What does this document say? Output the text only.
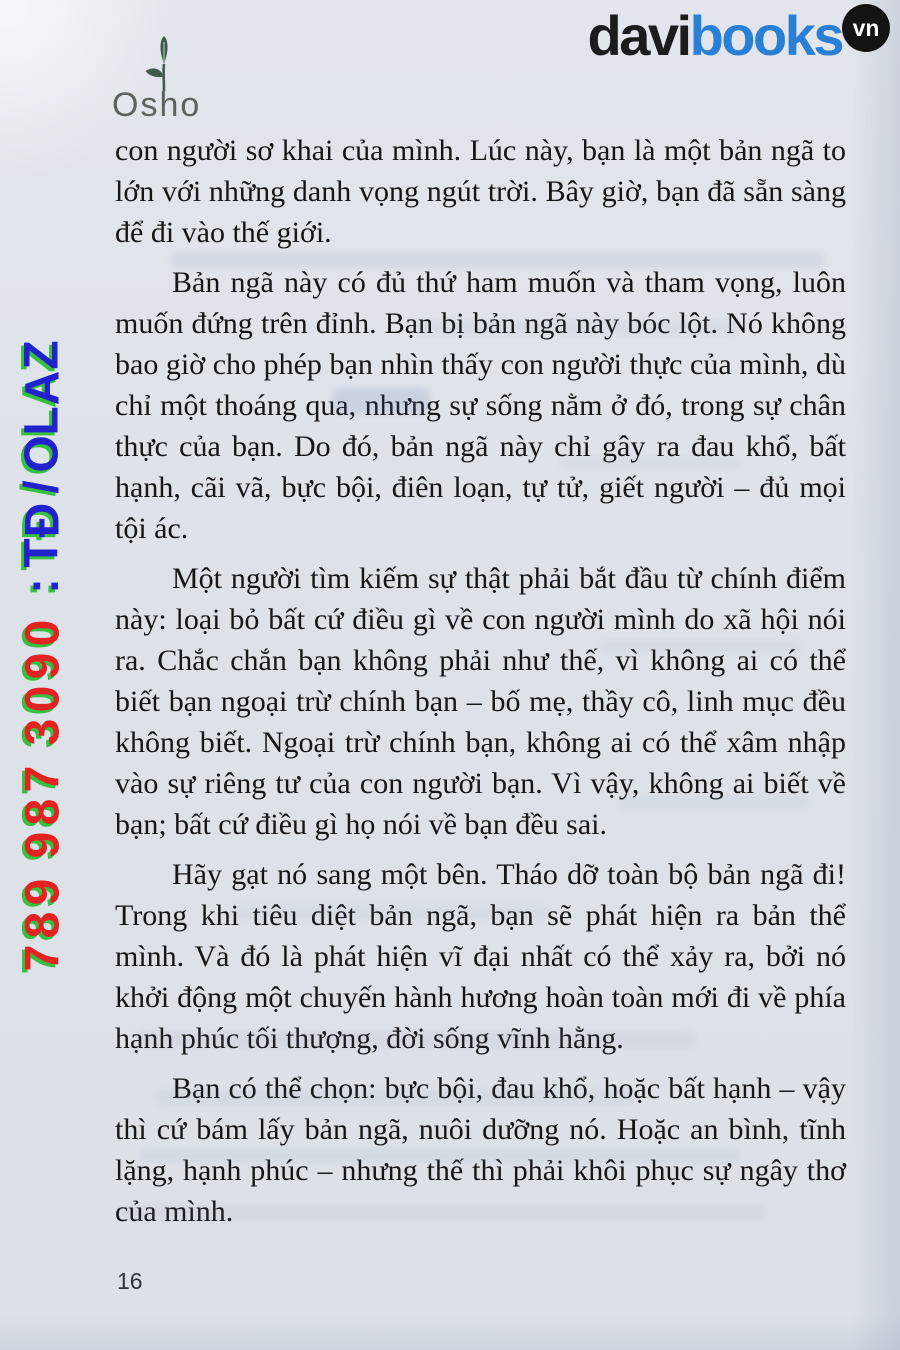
Osho
davibooks vn
Z
A
L
O
/
Đ
T
:
0
9
0
3
7
8
9
9
8
7

con người sơ khai của mình. Lúc này, bạn là một bản ngã to lớn với những danh vọng ngút trời. Bây giờ, bạn đã sẵn sàng để đi vào thế giới.

Bản ngã này có đủ thứ ham muốn và tham vọng, luôn muốn đứng trên đỉnh. Bạn bị bản ngã này bóc lột. Nó không bao giờ cho phép bạn nhìn thấy con người thực của mình, dù chỉ một thoáng qua, nhưng sự sống nằm ở đó, trong sự chân thực của bạn. Do đó, bản ngã này chỉ gây ra đau khổ, bất hạnh, cãi vã, bực bội, điên loạn, tự tử, giết người – đủ mọi tội ác.

Một người tìm kiếm sự thật phải bắt đầu từ chính điểm này: loại bỏ bất cứ điều gì về con người mình do xã hội nói ra. Chắc chắn bạn không phải như thế, vì không ai có thể biết bạn ngoại trừ chính bạn – bố mẹ, thầy cô, linh mục đều không biết. Ngoại trừ chính bạn, không ai có thể xâm nhập vào sự riêng tư của con người bạn. Vì vậy, không ai biết về bạn; bất cứ điều gì họ nói về bạn đều sai.

Hãy gạt nó sang một bên. Tháo dỡ toàn bộ bản ngã đi! Trong khi tiêu diệt bản ngã, bạn sẽ phát hiện ra bản thể mình. Và đó là phát hiện vĩ đại nhất có thể xảy ra, bởi nó khởi động một chuyến hành hương hoàn toàn mới đi về phía hạnh phúc tối thượng, đời sống vĩnh hằng.

Bạn có thể chọn: bực bội, đau khổ, hoặc bất hạnh – vậy thì cứ bám lấy bản ngã, nuôi dưỡng nó. Hoặc an bình, tĩnh lặng, hạnh phúc – nhưng thế thì phải khôi phục sự ngây thơ của mình.

16
